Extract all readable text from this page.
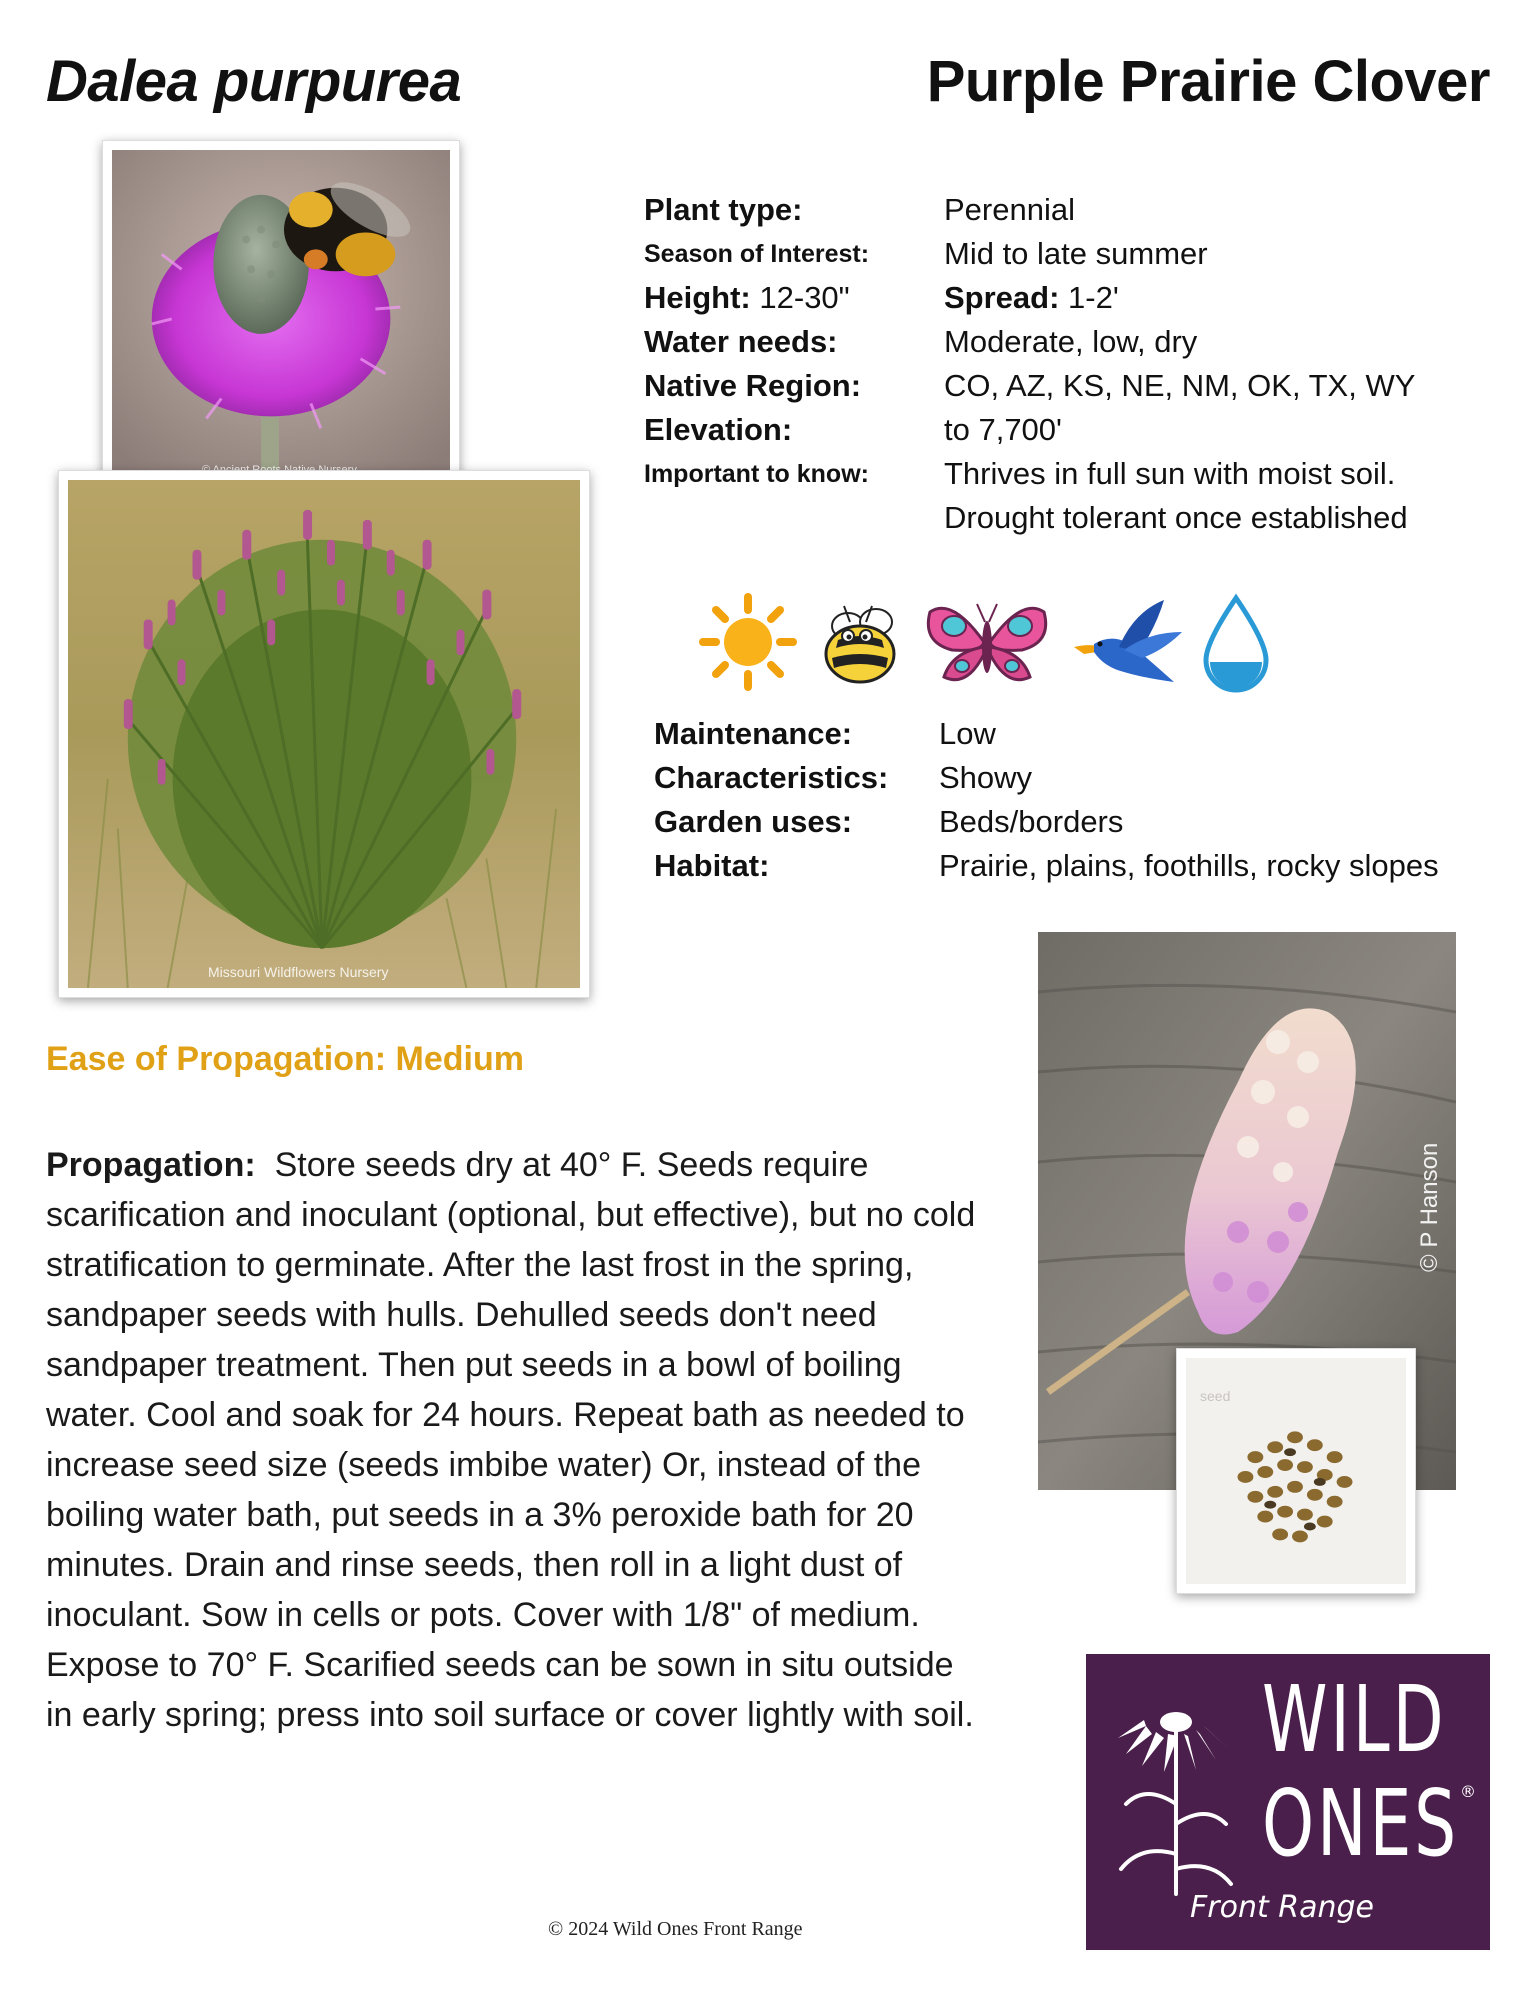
Dalea purpurea	Purple Prairie Clover
Missouri Wildflowers Nursery
Plant type:	Perennial
Season of Interest:	Mid to late summer
Height: 12-30"	Spread: 1-2'
Water needs:	Moderate, low, dry
Native Region:	CO, AZ, KS, NE, NM, OK, TX, WY
Elevation:	to 7,700'
Important to know:	Thrives in full sun with moist soil.
Drought tolerant once established
Maintenance:	Low
Characteristics:	Showy
Garden uses:	Beds/borders
Habitat:	Prairie, plains, foothills, rocky slopes
© P Hanson
seed
Ease of Propagation: Medium
Propagation: Store seeds dry at 40° F. Seeds require scarification and inoculant (optional, but effective), but no cold stratification to germinate. After the last frost in the spring, sandpaper seeds with hulls. Dehulled seeds don't need sandpaper treatment. Then put seeds in a bowl of boiling water. Cool and soak for 24 hours. Repeat bath as needed to increase seed size (seeds imbibe water) Or, instead of the boiling water bath, put seeds in a 3% peroxide bath for 20 minutes. Drain and rinse seeds, then roll in a light dust of inoculant. Sow in cells or pots. Cover with 1/8" of medium. Expose to 70° F. Scarified seeds can be sown in situ outside in early spring; press into soil surface or cover lightly with soil.	WILD
ONES ®
Front Range
© 2024 Wild Ones Front Range
